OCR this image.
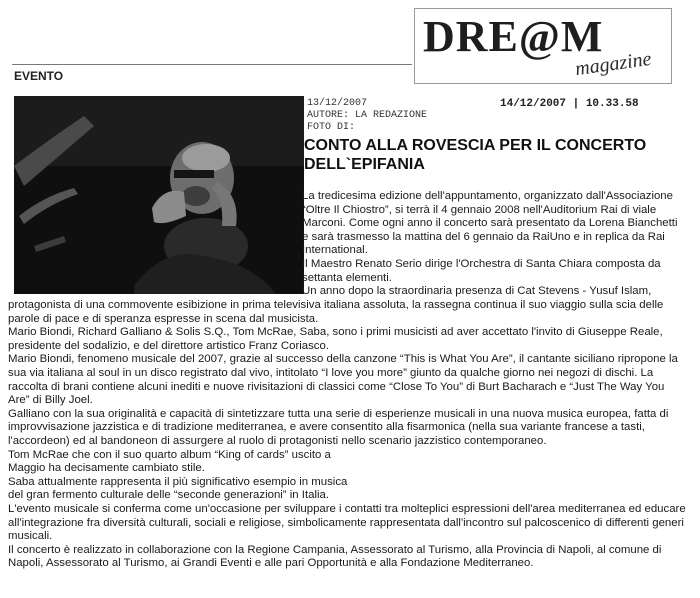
DRE@M
magazine
EVENTO
14/12/2007 | 10.33.58
13/12/2007
AUTORE: LA REDAZIONE
FOTO DI:
CONTO ALLA ROVESCIA PER IL CONCERTO
DELL`EPIFANIA

La tredicesima edizione dell'appuntamento, organizzato dall'Associazione “Oltre Il Chiostro”, si terrà il 4 gennaio 2008 nell'Auditorium Rai di viale Marconi. Come ogni anno il concerto sarà presentato da Lorena Bianchetti e sarà trasmesso la mattina del 6 gennaio da RaiUno e in replica da Rai International.

Il Maestro Renato Serio dirige l'Orchestra di Santa Chiara composta da settanta elementi.

Un anno dopo la straordinaria presenza di Cat Stevens - Yusuf Islam,

protagonista di una commovente esibizione in prima televisiva italiana assoluta, la rassegna continua il suo viaggio sulla scia delle parole di pace e di speranza espresse in scena dal musicista.

Mario Biondi, Richard Galliano & Solis S.Q., Tom McRae, Saba, sono i primi musicisti ad aver accettato l'invito di Giuseppe Reale, presidente del sodalizio, e del direttore artistico Franz Coriasco.

Mario Biondi, fenomeno musicale del 2007, grazie al successo della canzone “This is What You Are”, il cantante siciliano ripropone la sua via italiana al soul in un disco registrato dal vivo, intitolato “I love you more” giunto da qualche giorno nei negozi di dischi. La raccolta di brani contiene alcuni inediti e nuove rivisitazioni di classici come “Close To You” di Burt Bacharach e “Just The Way You Are” di Billy Joel.

Galliano con la sua originalità e capacità di sintetizzare tutta una serie di esperienze musicali in una nuova musica europea, fatta di improvvisazione jazzistica e di tradizione mediterranea, e avere consentito alla fisarmonica (nella sua variante francese a tasti, l'accordeon) ed al bandoneon di assurgere al ruolo di protagonisti nello scenario jazzistico contemporaneo.

Tom McRae che con il suo quarto album “King of cards” uscito a Maggio ha decisamente cambiato stile.

Saba attualmente rappresenta il più significativo esempio in musica del gran fermento culturale delle “seconde generazioni” in Italia.

L'evento musicale si conferma come un'occasione per sviluppare i contatti tra molteplici espressioni dell'area mediterranea ed educare all'integrazione fra diversità culturali, sociali e religiose, simbolicamente rappresentata dall'incontro sul palcoscenico di differenti generi musicali.

Il concerto è realizzato in collaborazione con la Regione Campania, Assessorato al Turismo, alla Provincia di Napoli, al comune di Napoli, Assessorato al Turismo, ai Grandi Eventi e alle pari Opportunità e alla Fondazione Mediterraneo.
